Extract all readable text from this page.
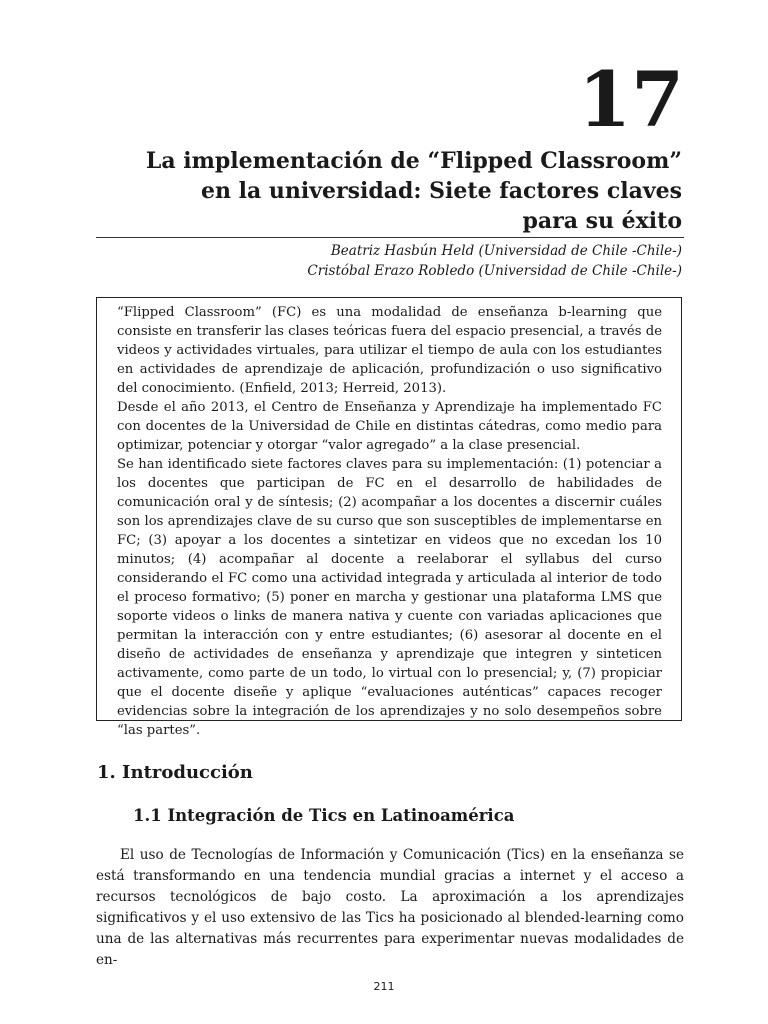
17
La implementación de “Flipped Classroom”
en la universidad: Siete factores claves
para su éxito
Beatriz Hasbún Held (Universidad de Chile -Chile-)
Cristóbal Erazo Robledo (Universidad de Chile -Chile-)

“Flipped Classroom” (FC) es una modalidad de enseñanza b-learning que consiste en transferir las clases teóricas fuera del espacio presencial, a través de videos y actividades virtuales, para utilizar el tiempo de aula con los estudiantes en actividades de aprendizaje de aplicación, profundización o uso significativo del conocimiento. (Enfield, 2013; Herreid, 2013).

Desde el año 2013, el Centro de Enseñanza y Aprendizaje ha implementado FC con docentes de la Universidad de Chile en distintas cátedras, como medio para optimizar, potenciar y otorgar “valor agregado” a la clase presencial.

Se han identificado siete factores claves para su implementación: (1) potenciar a los docentes que participan de FC en el desarrollo de habilidades de comunicación oral y de síntesis; (2) acompañar a los docentes a discernir cuáles son los aprendizajes clave de su curso que son susceptibles de implementarse en FC; (3) apoyar a los docentes a sintetizar en videos que no excedan los 10 minutos; (4) acompañar al docente a reelaborar el syllabus del curso considerando el FC como una actividad integrada y articulada al interior de todo el proceso formativo; (5) poner en marcha y gestionar una plataforma LMS que soporte videos o links de manera nativa y cuente con variadas aplicaciones que permitan la interacción con y entre estudiantes; (6) asesorar al docente en el diseño de actividades de enseñanza y aprendizaje que integren y sinteticen activamente, como parte de un todo, lo virtual con lo presencial; y, (7) propiciar que el docente diseñe y aplique “evaluaciones auténticas” capaces recoger evidencias sobre la integración de los aprendizajes y no solo desempeños sobre “las partes”.

1. Introducción
1.1 Integración de Tics en Latinoamérica

El uso de Tecnologías de Información y Comunicación (Tics) en la enseñanza se está transformando en una tendencia mundial gracias a internet y el acceso a recursos tecnológicos de bajo costo. La aproximación a los aprendizajes significativos y el uso extensivo de las Tics ha posicionado al blended-learning como una de las alternativas más recurrentes para experimentar nuevas modalidades de en-

211
